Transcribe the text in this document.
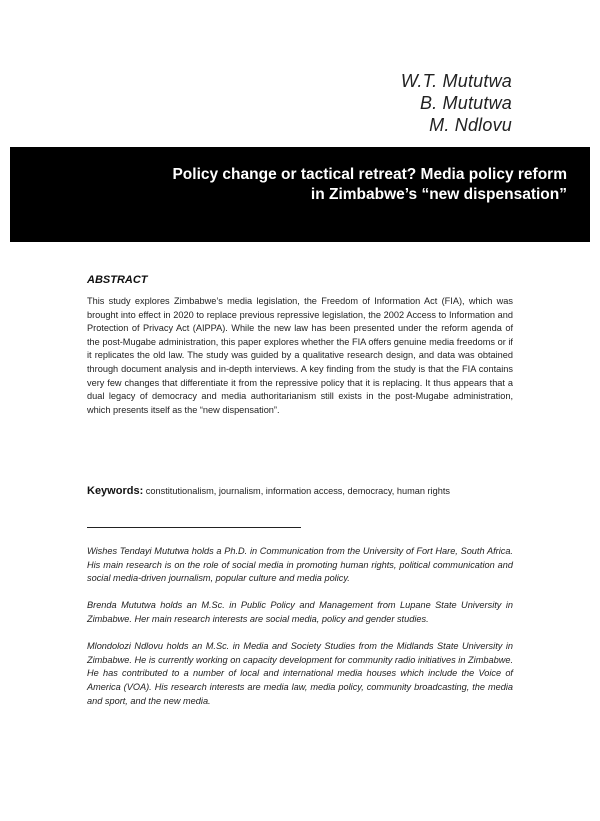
W.T. Mututwa
B. Mututwa
M. Ndlovu
Policy change or tactical retreat? Media policy reform
in Zimbabwe’s “new dispensation”
ABSTRACT
This study explores Zimbabwe’s media legislation, the Freedom of Information Act (FIA), which was brought into effect in 2020 to replace previous repressive legislation, the 2002 Access to Information and Protection of Privacy Act (AIPPA). While the new law has been presented under the reform agenda of the post-Mugabe administration, this paper explores whether the FIA offers genuine media freedoms or if it replicates the old law. The study was guided by a qualitative research design, and data was obtained through document analysis and in-depth interviews. A key finding from the study is that the FIA contains very few changes that differentiate it from the repressive policy that it is replacing. It thus appears that a dual legacy of democracy and media authoritarianism still exists in the post-Mugabe administration, which presents itself as the “new dispensation”.
Keywords: constitutionalism, journalism, information access, democracy, human rights

Wishes Tendayi Mututwa holds a Ph.D. in Communication from the University of Fort Hare, South Africa. His main research is on the role of social media in promoting human rights, political communication and social media-driven journalism, popular culture and media policy.

Brenda Mututwa holds an M.Sc. in Public Policy and Management from Lupane State University in Zimbabwe. Her main research interests are social media, policy and gender studies.

Mlondolozi Ndlovu holds an M.Sc. in Media and Society Studies from the Midlands State University in Zimbabwe. He is currently working on capacity development for community radio initiatives in Zimbabwe. He has contributed to a number of local and international media houses which include the Voice of America (VOA). His research interests are media law, media policy, community broadcasting, the media and sport, and the new media.
